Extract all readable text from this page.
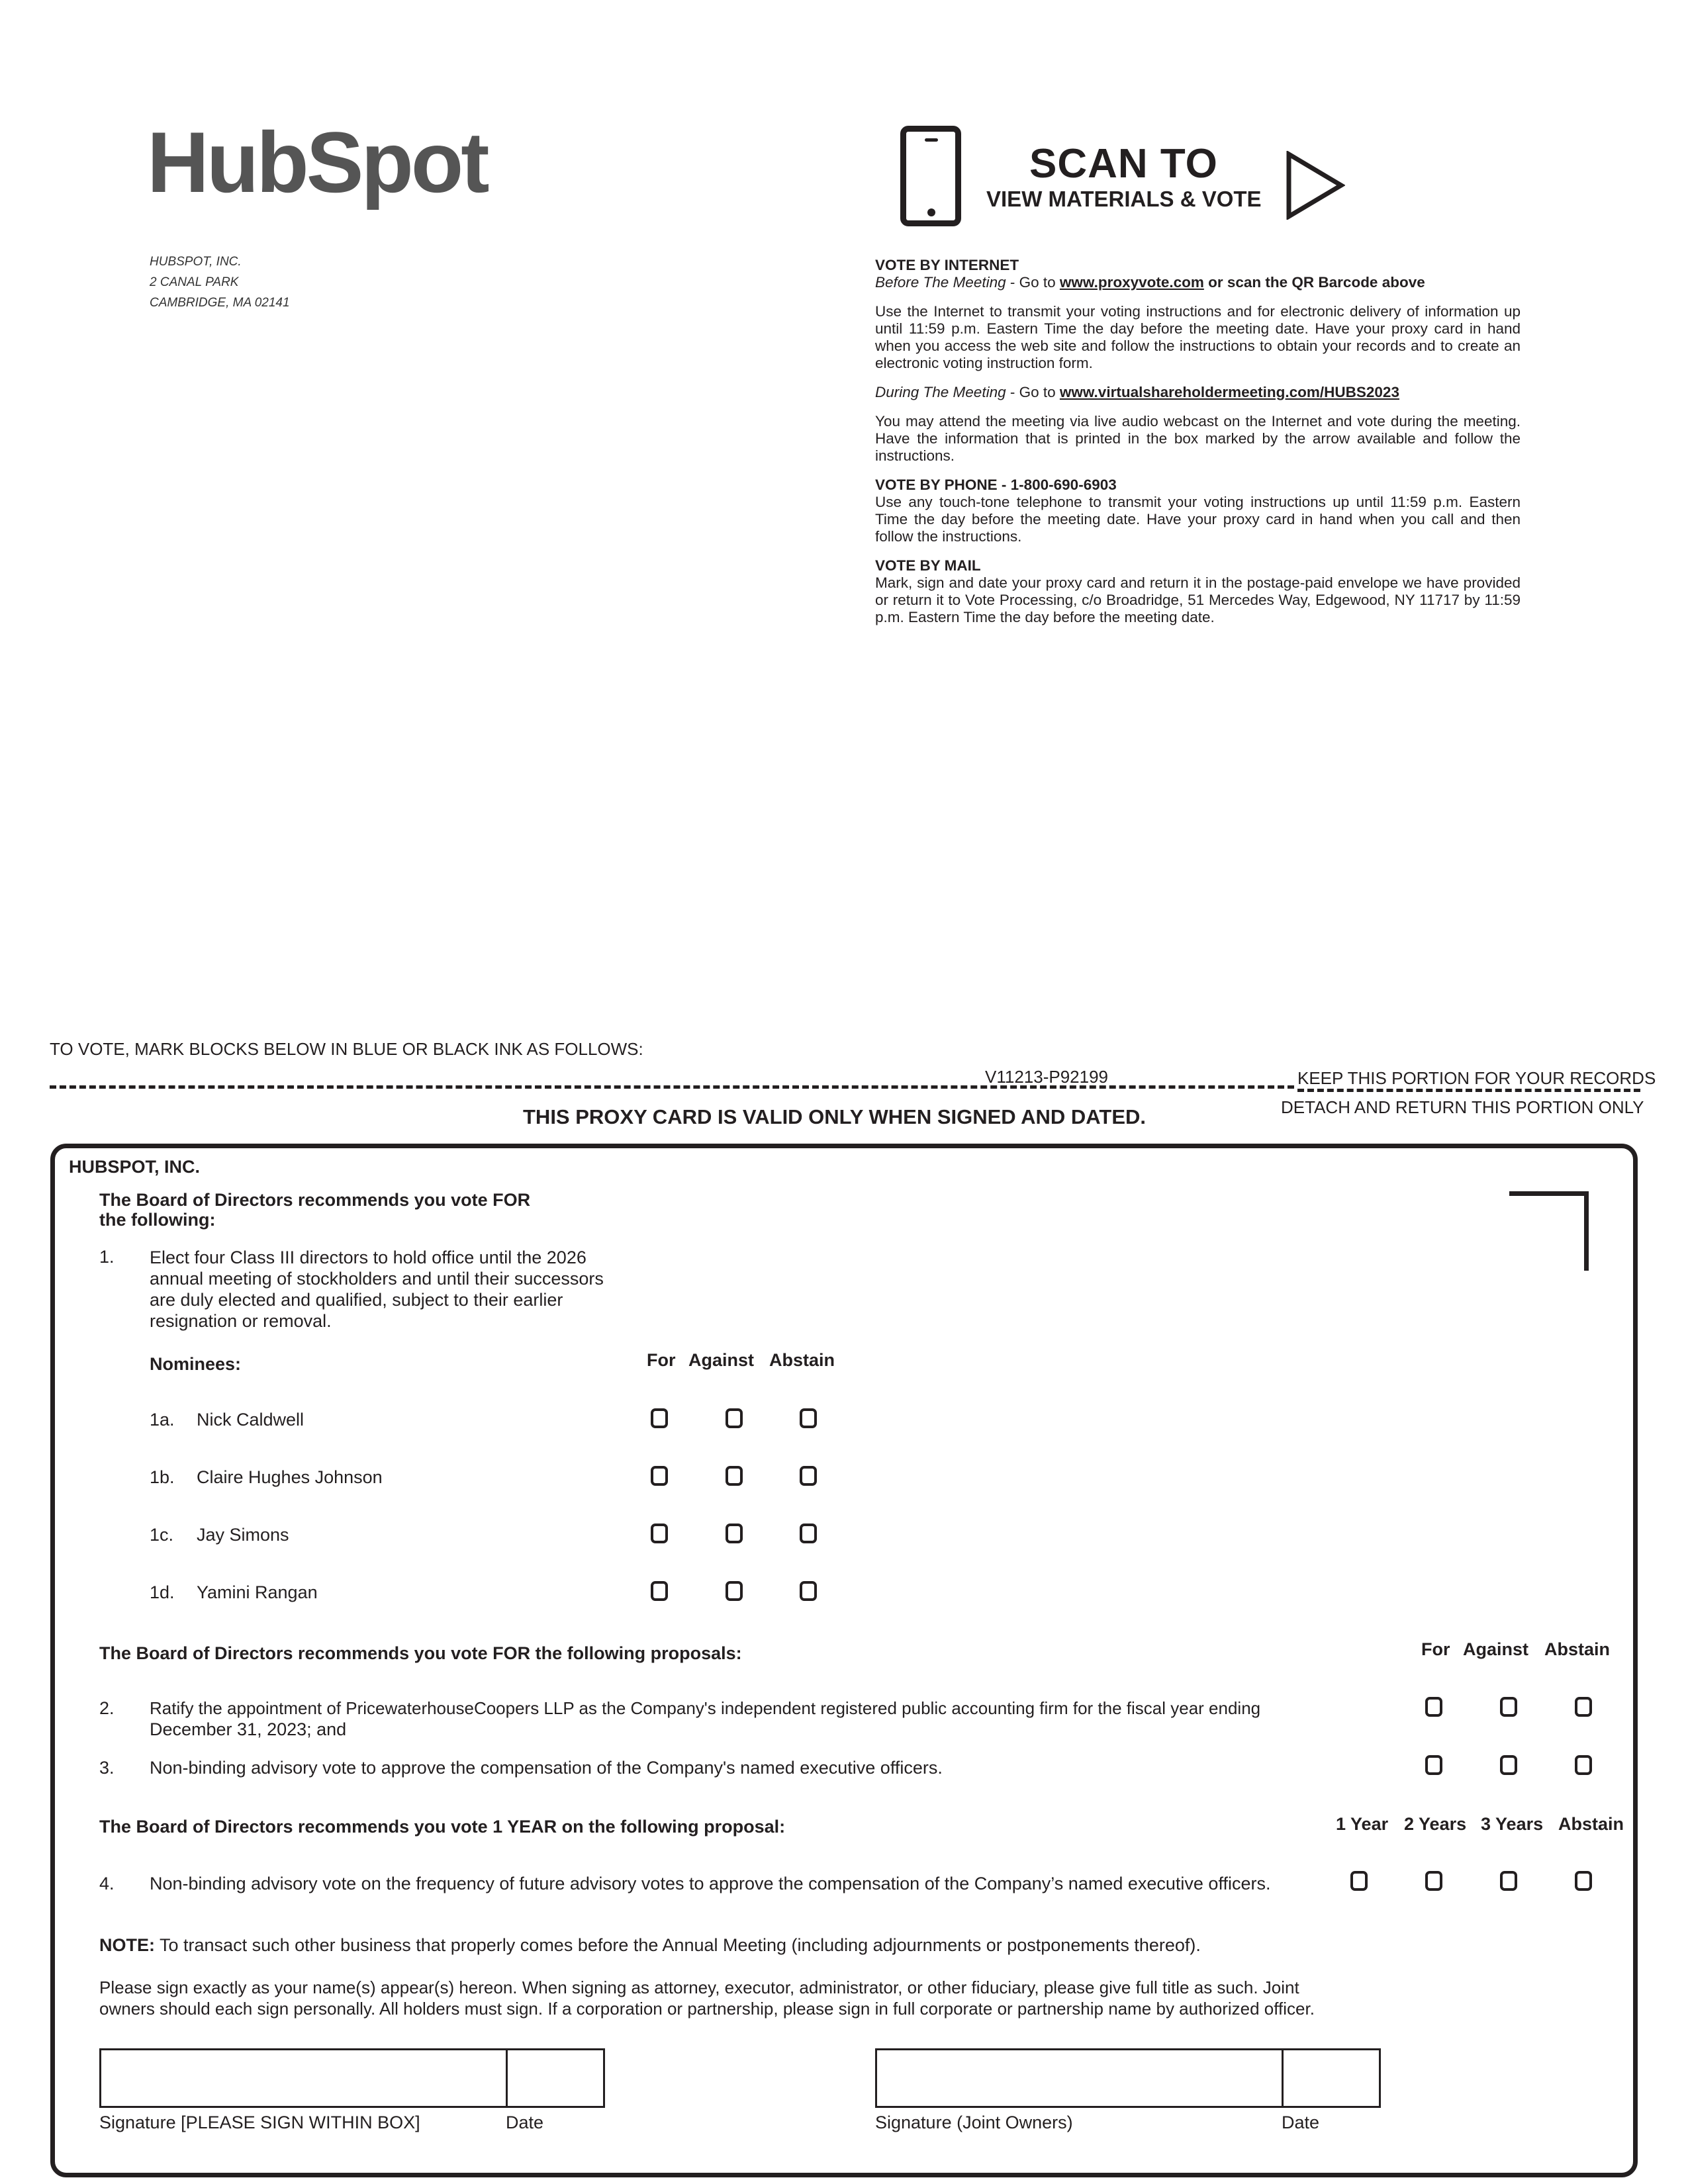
HubSpot
HUBSPOT, INC.
2 CANAL PARK
CAMBRIDGE, MA 02141
SCAN TO
VIEW MATERIALS & VOTE
VOTE BY INTERNET

Before The Meeting - Go to www.proxyvote.com or scan the QR Barcode above

Use the Internet to transmit your voting instructions and for electronic delivery of information up until 11:59 p.m. Eastern Time the day before the meeting date. Have your proxy card in hand when you access the web site and follow the instructions to obtain your records and to create an electronic voting instruction form.

During The Meeting - Go to www.virtualshareholdermeeting.com/HUBS2023

You may attend the meeting via live audio webcast on the Internet and vote during the meeting. Have the information that is printed in the box marked by the arrow available and follow the instructions.

VOTE BY PHONE - 1-800-690-6903

Use any touch-tone telephone to transmit your voting instructions up until 11:59 p.m. Eastern Time the day before the meeting date. Have your proxy card in hand when you call and then follow the instructions.

VOTE BY MAIL

Mark, sign and date your proxy card and return it in the postage-paid envelope we have provided or return it to Vote Processing, c/o Broadridge, 51 Mercedes Way, Edgewood, NY 11717 by 11:59 p.m. Eastern Time the day before the meeting date.

TO VOTE, MARK BLOCKS BELOW IN BLUE OR BLACK INK AS FOLLOWS:
V11213-P92199	KEEP THIS PORTION FOR YOUR RECORDS
DETACH AND RETURN THIS PORTION ONLY
THIS PROXY CARD IS VALID ONLY WHEN SIGNED AND DATED.
HUBSPOT, INC.
The Board of Directors recommends you vote FOR
the following:
1. Elect four Class III directors to hold office until the 2026
annual meeting of stockholders and until their successors
are duly elected and qualified, subject to their earlier
resignation or removal.
Nominees:	For Against Abstain
1a. Nick Caldwell
1b. Claire Hughes Johnson
1c. Jay Simons
1d. Yamini Rangan
The Board of Directors recommends you vote FOR the following proposals:	For Against Abstain
2. Ratify the appointment of PricewaterhouseCoopers LLP as the Company's independent registered public accounting firm for the fiscal year ending
December 31, 2023; and
3. Non-binding advisory vote to approve the compensation of the Company's named executive officers.
The Board of Directors recommends you vote 1 YEAR on the following proposal:	1 Year 2 Years 3 Years Abstain
4. Non-binding advisory vote on the frequency of future advisory votes to approve the compensation of the Company’s named executive officers.
NOTE: To transact such other business that properly comes before the Annual Meeting (including adjournments or postponements thereof).
Please sign exactly as your name(s) appear(s) hereon. When signing as attorney, executor, administrator, or other fiduciary, please give full title as such. Joint
owners should each sign personally. All holders must sign. If a corporation or partnership, please sign in full corporate or partnership name by authorized officer.
Signature [PLEASE SIGN WITHIN BOX]	Date	Signature (Joint Owners)	Date
